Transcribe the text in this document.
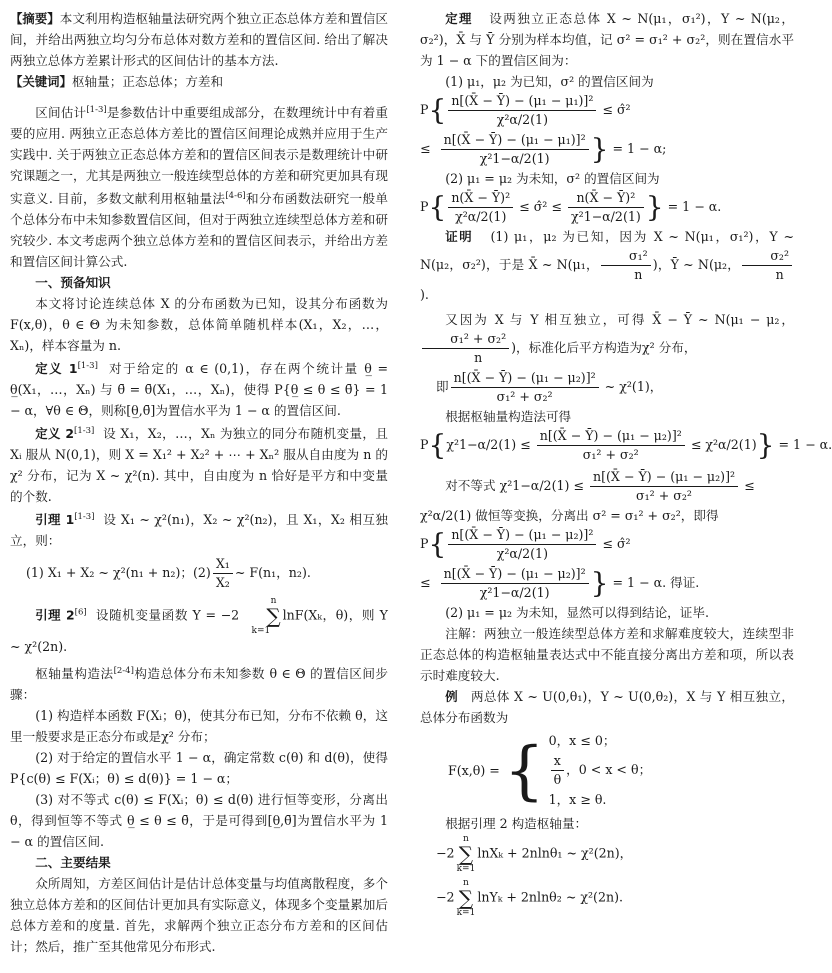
【摘要】本文利用构造枢轴量法研究两个独立正态总体方差和置信区间，并给出两独立均匀分布总体对数方差和的置信区间. 给出了解决两独立总体方差累计形式的区间估计的基本方法.

【关键词】枢轴量；正态总体；方差和

区间估计[1-3]是参数估计中重要组成部分，在数理统计中有着重要的应用. 两独立正态总体方差比的置信区间理论成熟并应用于生产实践中. 关于两独立正态总体方差和的置信区间表示是数理统计中研究课题之一，尤其是两独立一般连续型总体的方差和研究更加具有现实意义. 目前，多数文献利用枢轴量法[4-6]和分布函数法研究一般单个总体分布中未知参数置信区间，但对于两独立连续型总体方差和研究较少. 本文考虑两个独立总体方差和的置信区间表示，并给出方差和置信区间计算公式.

一、预备知识

本文将讨论连续总体 X 的分布函数为已知，设其分布函数为 F(x,θ)，θ ∈ Θ 为未知参数，总体简单随机样本(X₁，X₂，…，Xₙ)，样本容量为 n.

定义 1[1-3] 对于给定的 α ∈ (0,1)，存在两个统计量 θ̲ = θ̲(X₁，…，Xₙ) 与 θ̄ = θ̄(X₁，…，Xₙ)，使得 P{θ̲ ≤ θ ≤ θ̄} = 1 − α，∀θ ∈ Θ，则称[θ̲,θ̄]为置信水平为 1 − α 的置信区间.

定义 2[1-3] 设 X₁，X₂，…，Xₙ 为独立的同分布随机变量，且 Xᵢ 服从 N(0,1)，则 X = X₁² + X₂² + ⋯ + Xₙ² 服从自由度为 n 的χ² 分布，记为 X ~ χ²(n). 其中，自由度为 n 恰好是平方和中变量的个数.

引理 1[1-3] 设 X₁ ~ χ²(n₁)，X₂ ~ χ²(n₂)，且 X₁，X₂ 相互独立，则：

(1) X₁ + X₂ ~ χ²(n₁ + n₂)；$(2) \frac{\text{X₁}}{\text{X₂}}$ ~ F(n₁，n₂).

引理 2[6] 设随机变量函数 Y = −2n
∑
k=1lnF(Xₖ，θ)，则 Y ~ χ²(2n).

枢轴量构造法[2-4]构造总体分布未知参数 θ ∈ Θ 的置信区间步骤：

(1) 构造样本函数 F(Xᵢ；θ)，使其分布已知，分布不依赖 θ，这里一般要求是正态分布或是χ² 分布；

(2) 对于给定的置信水平 1 − α，确定常数 c(θ) 和 d(θ)，使得 P{c(θ) ≤ F(Xᵢ；θ) ≤ d(θ)} = 1 − α；

(3) 对不等式 c(θ) ≤ F(Xᵢ；θ) ≤ d(θ) 进行恒等变形，分离出 θ，得到恒等不等式 θ̲ ≤ θ ≤ θ̄，于是可得到[θ̲,θ̄]为置信水平为 1 − α 的置信区间.

二、主要结果

众所周知，方差区间估计是估计总体变量与均值离散程度，多个独立总体方差和的区间估计更加具有实际意义，体现多个变量累加后总体方差和的度量. 首先，求解两个独立正态分布方差和的区间估计；然后，推广至其他常见分布形式.

定理 设两独立正态总体 X ~ N(μ₁，σ₁²)，Y ~ N(μ₂，σ₂²)，X̄ 与 Ȳ 分别为样本均值，记 σ² = σ₁² + σ₂²，则在置信水平为 1 − α 下的置信区间为：

(1) μ₁，μ₂ 为已知，σ² 的置信区间为

$P\{ \frac{\text{n[(X̄ − Ȳ) − (μ₁ − μ₁)]²}}{\text{χ²α/2(1)}}$ ≤ σ̂²
≤ $\frac{\text{n[(X̄ − Ȳ) − (μ₁ − μ₁)]²}}{\text{χ²1−α/2(1)}}$ } = 1 − α;

(2) μ₁ = μ₂ 为未知，σ² 的置信区间为

$P\{ \frac{\text{n(X̄ − Ȳ)²}}{\text{χ²α/2(1)}}$ ≤ σ̂² ≤ $\frac{\text{n(X̄ − Ȳ)²}}{\text{χ²1−α/2(1)}}$ } = 1 − α.

证明 (1) μ₁，μ₂ 为已知，因为 X ~ N(μ₁，σ₁²)，Y ~ N(μ₂，σ₂²)，于是 X̄ ~ N(μ₁， $\frac{\text{σ₁²}}{n}$ )，Ȳ ~ N(μ₂， $\frac{\text{σ₂²}}{n}$
).

又因为 X 与 Y 相互独立，可得 X̄ − Ȳ ~ N(μ₁ − μ₂，
$\frac{\text{σ₁² + σ₂²}}{n}$ )，标准化后平方构造为χ² 分布，

即 $\frac{\text{n[(X̄ − Ȳ) − (μ₁ − μ₂)]²}}{\text{σ₁² + σ₂²}}$ ~ χ²(1)，

根据枢轴量构造法可得

$P\{\chi^21-\alpha/2(1) \le \frac{\text{n[(X̄ − Ȳ) − (μ₁ − μ₂)]²}}{\text{σ₁² + σ₂²}} \le \chi^2\alpha/2(1)\} = 1 - \alpha$.
对不等式 $\chi^21-\alpha/2(1) \le \frac{\text{n[(X̄ − Ȳ) − (μ₁ − μ₂)]²}}{\text{σ₁² + σ₂²}}$ ≤

χ²α/2(1) 做恒等变换，分离出 σ² = σ₁² + σ₂²，即得

$P\{ \frac{\text{n[(X̄ − Ȳ) − (μ₁ − μ₂)]²}}{\text{χ²α/2(1)}}$ ≤ σ̂²
≤ $\frac{\text{n[(X̄ − Ȳ) − (μ₁ − μ₂)]²}}{\text{χ²1−α/2(1)}}$ } = 1 − α. 得证.

(2) μ₁ = μ₂ 为未知，显然可以得到结论，证毕.

注解：两独立一般连续型总体方差和求解难度较大，连续型非正态总体的构造枢轴量表达式中不能直接分离出方差和项，所以表示时难度较大.

例 两总体 X ~ U(0,θ₁)，Y ~ U(0,θ₂)，X 与 Y 相互独立，总体分布函数为

F(x,θ) = { 0，x ≤ 0；
$\frac{x}{\theta}$ ，0 < x < θ；
1，x ≥ θ.

根据引理 2 构造枢轴量：

−2n
∑
k=1lnXₖ + 2nlnθ₁ ~ χ²(2n)，
−2n
∑
k=1lnYₖ + 2nlnθ₂ ~ χ²(2n).
